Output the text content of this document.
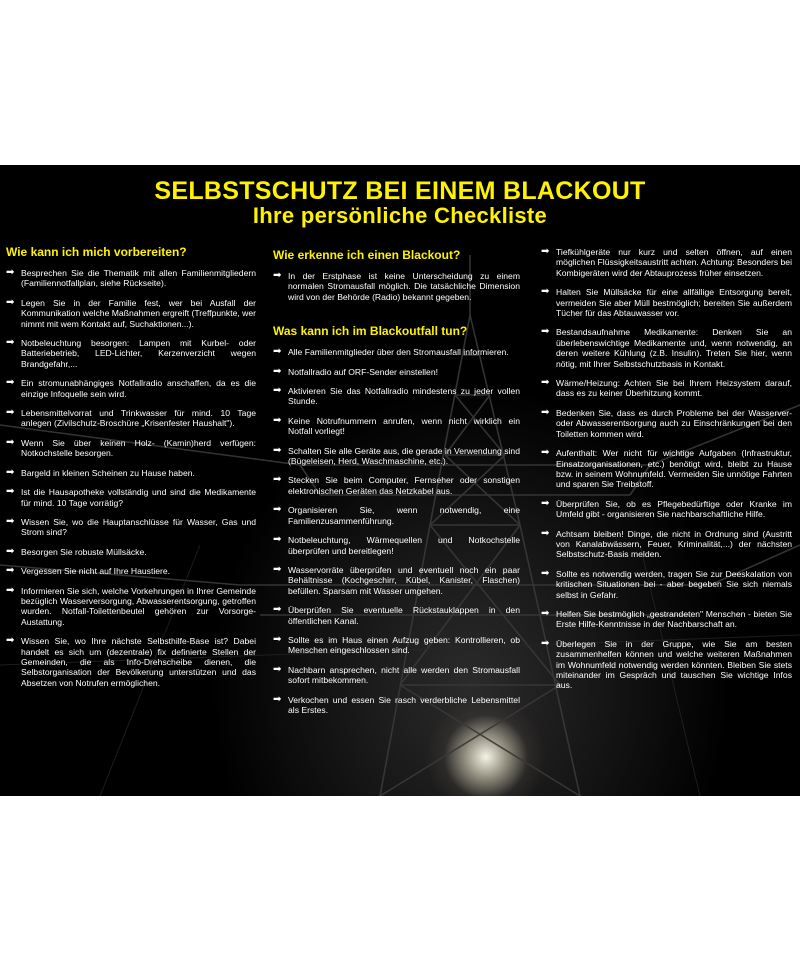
SELBSTSCHUTZ BEI EINEM BLACKOUT
Ihre persönliche Checkliste
Wie kann ich mich vorbereiten?
➡ Besprechen Sie die Thematik mit allen Familienmitgliedern (Familiennotfallplan, siehe Rückseite).
➡ Legen Sie in der Familie fest, wer bei Ausfall der Kommunikation welche Maßnahmen ergreift (Treffpunkte, wer nimmt mit wem Kontakt auf, Suchaktionen...).
➡ Notbeleuchtung besorgen: Lampen mit Kurbel- oder Batteriebetrieb, LED-Lichter, Kerzenverzicht wegen Brandgefahr,...
➡ Ein stromunabhängiges Notfallradio anschaffen, da es die einzige Infoquelle sein wird.
➡ Lebensmittelvorrat und Trinkwasser für mind. 10 Tage anlegen (Zivilschutz-Broschüre „Krisenfester Haushalt").
➡ Wenn Sie über keinen Holz- (Kamin)herd verfügen: Notkochstelle besorgen.
➡ Bargeld in kleinen Scheinen zu Hause haben.
➡ Ist die Hausapotheke vollständig und sind die Medikamente für mind. 10 Tage vorrätig?
➡ Wissen Sie, wo die Hauptanschlüsse für Wasser, Gas und Strom sind?
➡ Besorgen Sie robuste Müllsäcke.
➡ Vergessen Sie nicht auf Ihre Haustiere.
➡ Informieren Sie sich, welche Vorkehrungen in Ihrer Gemeinde bezüglich Wasserversorgung, Abwasserentsorgung, getroffen wurden. Notfall-Toilettenbeutel gehören zur Vorsorge-Austattung.
➡ Wissen Sie, wo Ihre nächste Selbsthilfe-Base ist? Dabei handelt es sich um (dezentrale) fix definierte Stellen der Gemeinden, die als Info-Drehscheibe dienen, die Selbstorganisation der Bevölkerung unterstützen und das Absetzen von Notrufen ermöglichen.
Wie erkenne ich einen Blackout?
➡ In der Erstphase ist keine Unterscheidung zu einem normalen Stromausfall möglich. Die tatsächliche Dimension wird von der Behörde (Radio) bekannt gegeben.
Was kann ich im Blackoutfall tun?
➡ Alle Familienmitglieder über den Stromausfall informieren.
➡ Notfallradio auf ORF-Sender einstellen!
➡ Aktivieren Sie das Notfallradio mindestens zu jeder vollen Stunde.
➡ Keine Notrufnummern anrufen, wenn nicht wirklich ein Notfall vorliegt!
➡ Schalten Sie alle Geräte aus, die gerade in Verwendung sind (Bügeleisen, Herd, Waschmaschine, etc.).
➡ Stecken Sie beim Computer, Fernseher oder sonstigen elektronischen Geräten das Netzkabel aus.
➡ Organisieren Sie, wenn notwendig, eine Familienzusammenführung.
➡ Notbeleuchtung, Wärmequellen und Notkochstelle überprüfen und bereitlegen!
➡ Wasservorräte überprüfen und eventuell noch ein paar Behältnisse (Kochgeschirr, Kübel, Kanister, Flaschen) befüllen. Sparsam mit Wasser umgehen.
➡ Überprüfen Sie eventuelle Rückstauklappen in den öffentlichen Kanal.
➡ Sollte es im Haus einen Aufzug geben: Kontrollieren, ob Menschen eingeschlossen sind.
➡ Nachbarn ansprechen, nicht alle werden den Stromausfall sofort mitbekommen.
➡ Verkochen und essen Sie rasch verderbliche Lebensmittel als Erstes.
➡ Tiefkühlgeräte nur kurz und selten öffnen, auf einen möglichen Flüssigkeitsaustritt achten. Achtung: Besonders bei Kombigeräten wird der Abtauprozess früher einsetzen.
➡ Halten Sie Müllsäcke für eine allfällige Entsorgung bereit, vermeiden Sie aber Müll bestmöglich; bereiten Sie außerdem Tücher für das Abtauwasser vor.
➡ Bestandsaufnahme Medikamente: Denken Sie an überlebenswichtige Medikamente und, wenn notwendig, an deren weitere Kühlung (z.B. Insulin). Treten Sie hier, wenn nötig, mit Ihrer Selbstschutzbasis in Kontakt.
➡ Wärme/Heizung: Achten Sie bei Ihrem Heizsystem darauf, dass es zu keiner Überhitzung kommt.
➡ Bedenken Sie, dass es durch Probleme bei der Wasserver- oder Abwasserentsorgung auch zu Einschränkungen bei den Toiletten kommen wird.
➡ Aufenthalt: Wer nicht für wichtige Aufgaben (Infrastruktur, Einsatzorganisationen, etc.) benötigt wird, bleibt zu Hause bzw. in seinem Wohnumfeld. Vermeiden Sie unnötige Fahrten und sparen Sie Treibstoff.
➡ Überprüfen Sie, ob es Pflegebedürftige oder Kranke im Umfeld gibt - organisieren Sie nachbarschaftliche Hilfe.
➡ Achtsam bleiben! Dinge, die nicht in Ordnung sind (Austritt von Kanalabwässern, Feuer, Kriminalität,...) der nächsten Selbstschutz-Basis melden.
➡ Sollte es notwendig werden, tragen Sie zur Deeskalation von kritischen Situationen bei - aber begeben Sie sich niemals selbst in Gefahr.
➡ Helfen Sie bestmöglich „gestrandeten" Menschen - bieten Sie Erste Hilfe-Kenntnisse in der Nachbarschaft an.
➡ Überlegen Sie in der Gruppe, wie Sie am besten zusammenhelfen können und welche weiteren Maßnahmen im Wohnumfeld notwendig werden könnten. Bleiben Sie stets miteinander im Gespräch und tauschen Sie wichtige Infos aus.
